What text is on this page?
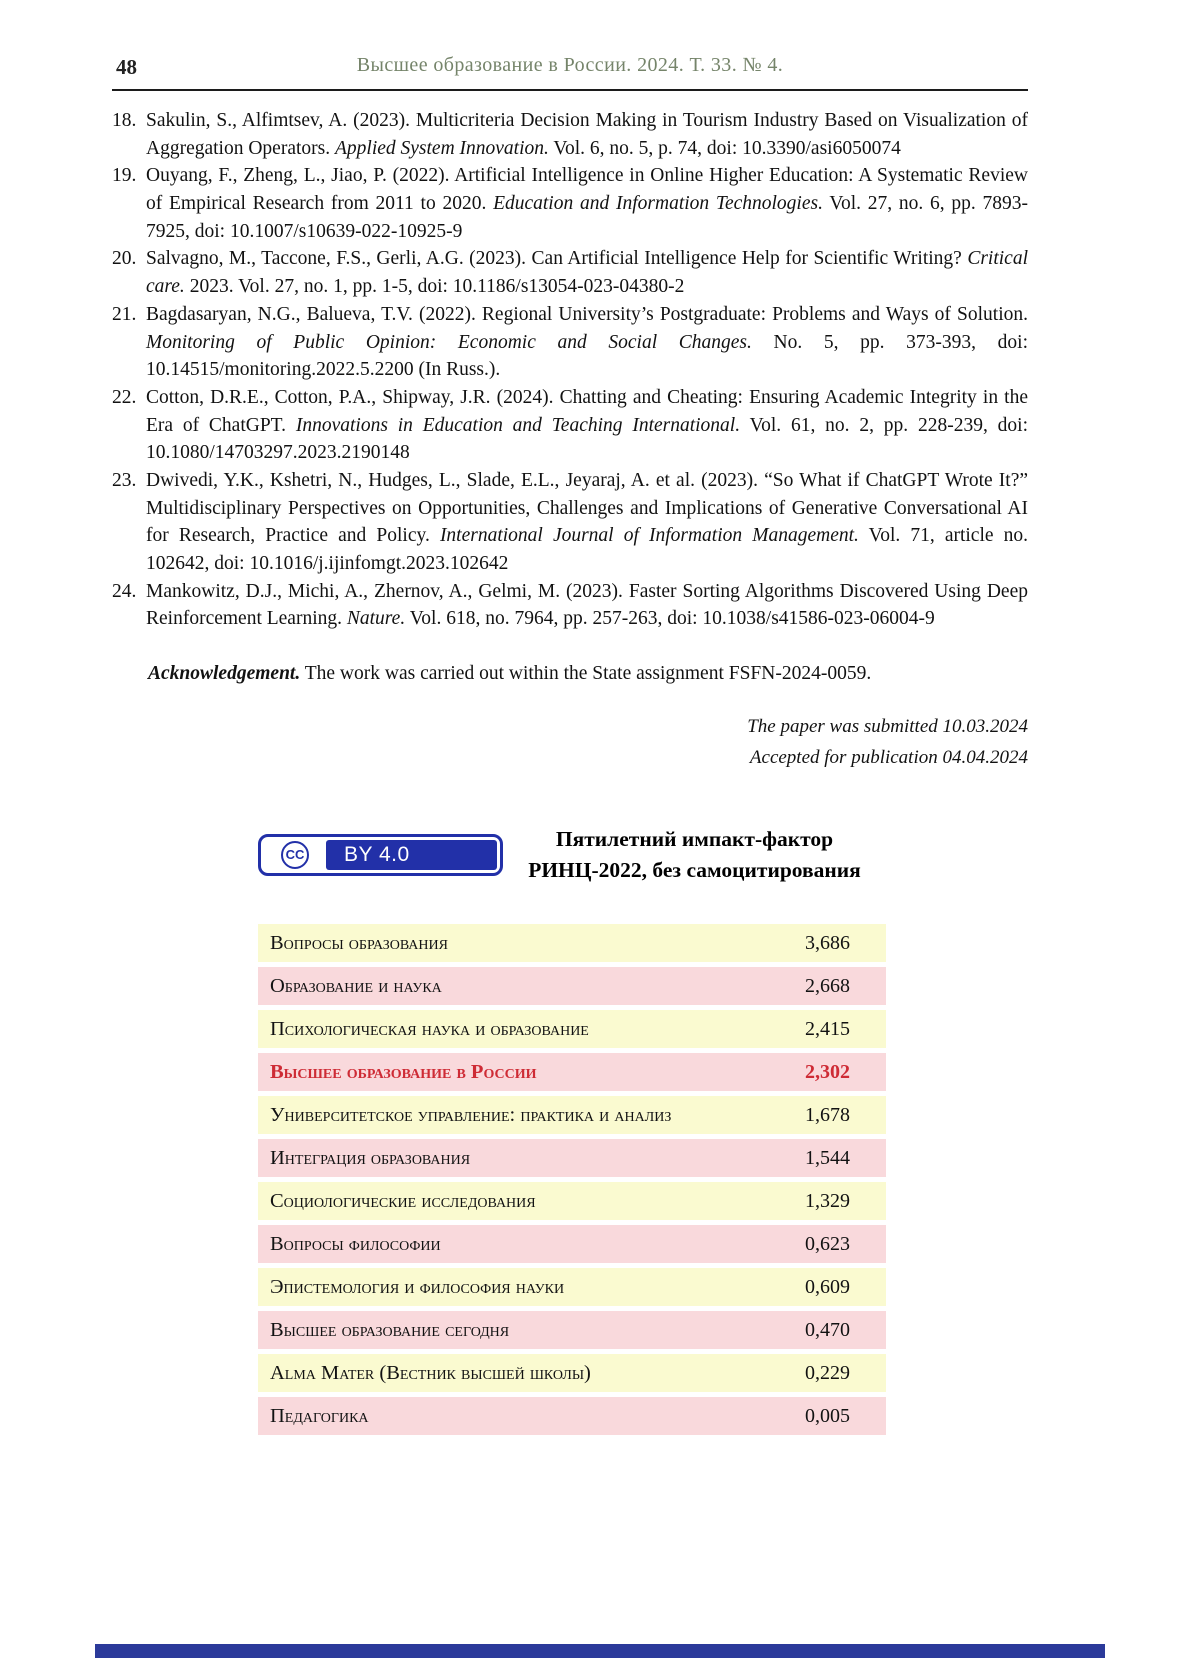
48	Высшее образование в России. 2024. Т. 33. № 4.

18. Sakulin, S., Alfimtsev, A. (2023). Multicriteria Decision Making in Tourism Industry Based on Visualization of Aggregation Operators. Applied System Innovation. Vol. 6, no. 5, p. 74, doi: 10.3390/asi6050074

19. Ouyang, F., Zheng, L., Jiao, P. (2022). Artificial Intelligence in Online Higher Education: A Systematic Review of Empirical Research from 2011 to 2020. Education and Information Technologies. Vol. 27, no. 6, pp. 7893-7925, doi: 10.1007/s10639-022-10925-9

20. Salvagno, M., Taccone, F.S., Gerli, A.G. (2023). Can Artificial Intelligence Help for Scientific Writing? Critical care. 2023. Vol. 27, no. 1, pp. 1-5, doi: 10.1186/s13054-023-04380-2

21. Bagdasaryan, N.G., Balueva, T.V. (2022). Regional University’s Postgraduate: Problems and Ways of Solution. Monitoring of Public Opinion: Economic and Social Changes. No. 5, pp. 373-393, doi: 10.14515/monitoring.2022.5.2200 (In Russ.).

22. Cotton, D.R.E., Cotton, P.A., Shipway, J.R. (2024). Chatting and Cheating: Ensuring Academic Integrity in the Era of ChatGPT. Innovations in Education and Teaching International. Vol. 61, no. 2, pp. 228-239, doi: 10.1080/14703297.2023.2190148

23. Dwivedi, Y.K., Kshetri, N., Hudges, L., Slade, E.L., Jeyaraj, A. et al. (2023). “So What if ChatGPT Wrote It?” Multidisciplinary Perspectives on Opportunities, Challenges and Implications of Generative Conversational AI for Research, Practice and Policy. International Journal of Information Management. Vol. 71, article no. 102642, doi: 10.1016/j.ijinfomgt.2023.102642

24. Mankowitz, D.J., Michi, A., Zhernov, A., Gelmi, M. (2023). Faster Sorting Algorithms Discovered Using Deep Reinforcement Learning. Nature. Vol. 618, no. 7964, pp. 257-263, doi: 10.1038/s41586-023-06004-9

Acknowledgement. The work was carried out within the State assignment FSFN-2024-0059.

The paper was submitted 10.03.2024
Accepted for publication 04.04.2024
CC	BY 4.0
Пятилетний импакт-фактор
РИНЦ-2022, без самоцитирования
Вопросы образования	3,686
Образование и наука	2,668
Психологическая наука и образование	2,415
Высшее образование в России	2,302
Университетское управление: практика и анализ	1,678
Интеграция образования	1,544
Социологические исследования	1,329
Вопросы философии	0,623
Эпистемология и философия науки	0,609
Высшее образование сегодня	0,470
Alma Mater (Вестник высшей школы)	0,229
Педагогика	0,005
